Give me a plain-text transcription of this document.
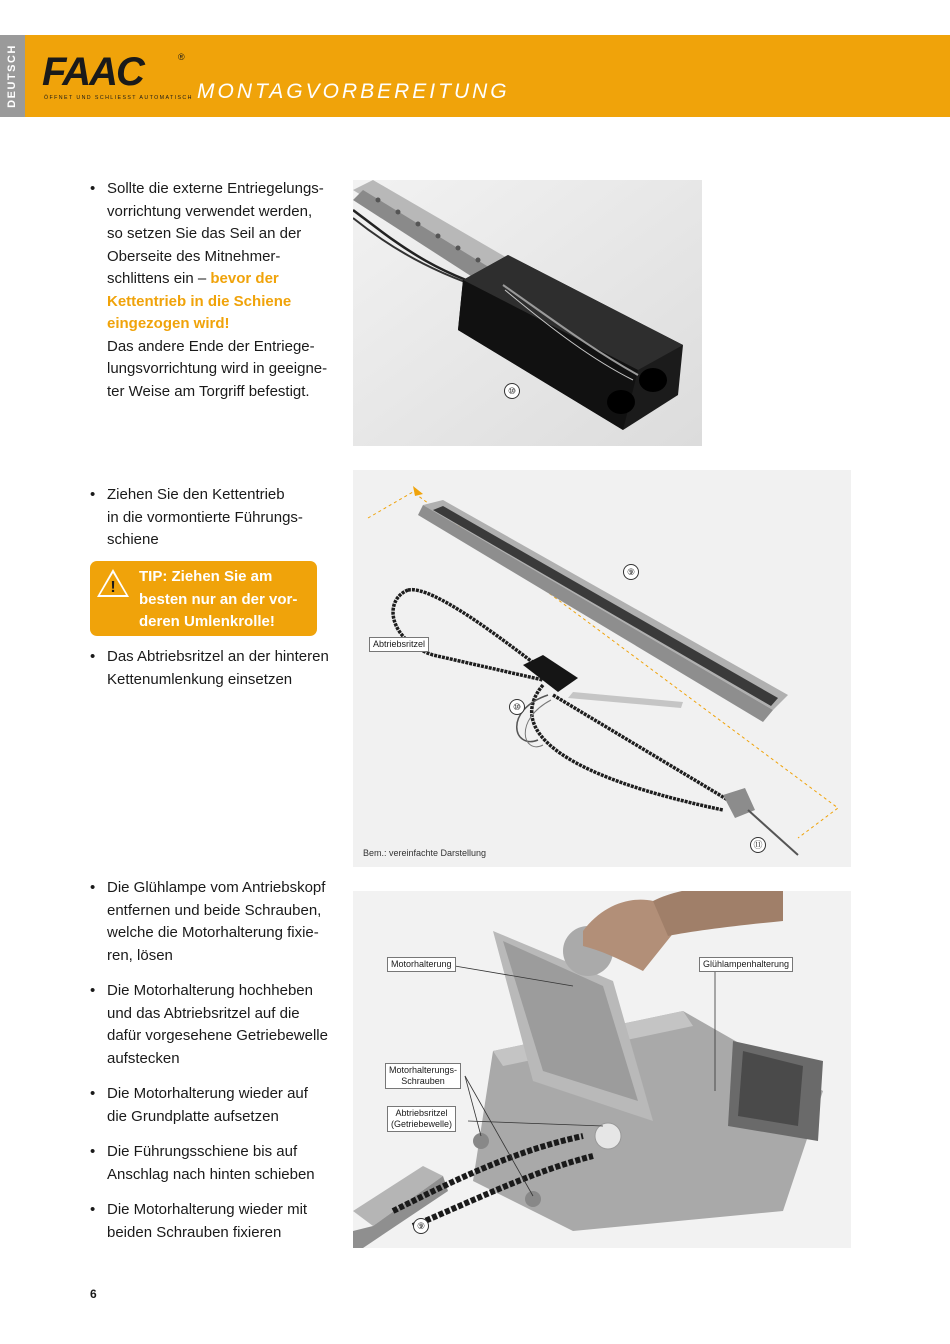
DEUTSCH FAAC	®
ÖFFNET UND SCHLIESST AUTOMATISCH MONTAGVORBEREITUNG
• Sollte die externe Entriegelungs-
vorrichtung verwendet werden,
so setzen Sie das Seil an der
Oberseite des Mitnehmer-
schlittens ein – bevor der
Kettentrieb in die Schiene
eingezogen wird!
Das andere Ende der Entriege-
lungsvorrichtung wird in geeigne-
ter Weise am Torgriff befestigt.	⑩
• Ziehen Sie den Kettentrieb
in die vormontierte Führungs-
schiene
!
TIP: Ziehen Sie am
besten nur an der vor-
deren Umlenkrolle!
• Das Abtriebsritzel an der hinteren
Kettenumlenkung einsetzen
Abtriebsritzel
⑨
⑩
⑪
Bem.: vereinfachte Darstellung
• Die Glühlampe vom Antriebskopf
entfernen und beide Schrauben,
welche die Motorhalterung fixie-
ren, lösen
• Die Motorhalterung hochheben
und das Abtriebsritzel auf die
dafür vorgesehene Getriebewelle
aufstecken
• Die Motorhalterung wieder auf
die Grundplatte aufsetzen
• Die Führungsschiene bis auf
Anschlag nach hinten schieben
• Die Motorhalterung wieder mit
beiden Schrauben fixieren
Motorhalterung	Glühlampenhalterung
Motorhalterungs-
Schrauben
Abtriebsritzel
(Getriebewelle)
⑨
6
